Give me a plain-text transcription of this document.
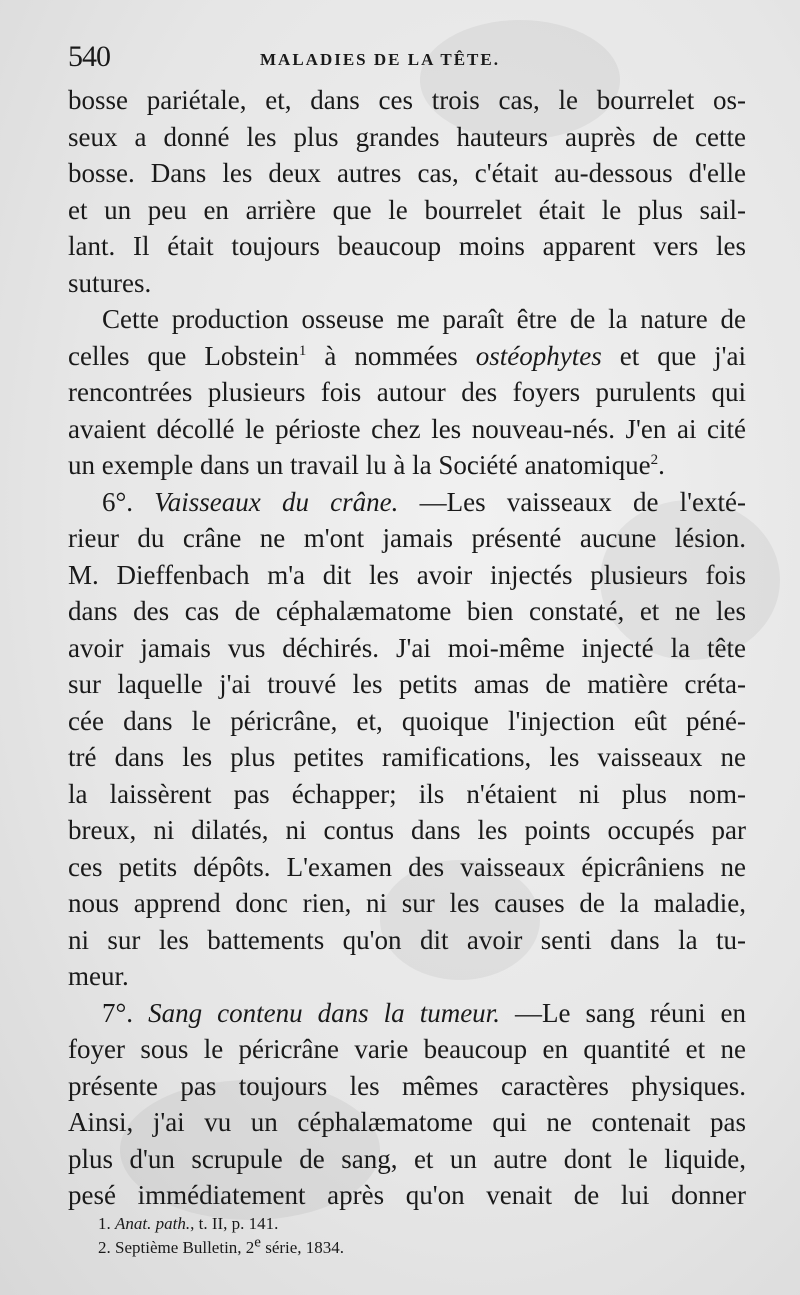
540	MALADIES DE LA TÊTE.
bosse pariétale, et, dans ces trois cas, le bourrelet os-
seux a donné les plus grandes hauteurs auprès de cette
bosse. Dans les deux autres cas, c'était au-dessous d'elle
et un peu en arrière que le bourrelet était le plus sail-
lant. Il était toujours beaucoup moins apparent vers les
sutures.
Cette production osseuse me paraît être de la nature de
celles que Lobstein$^1$ à nommées ostéophytes et que j'ai
rencontrées plusieurs fois autour des foyers purulents qui
avaient décollé le périoste chez les nouveau-nés. J'en ai cité
un exemple dans un travail lu à la Société anatomique$^2$.
6°. Vaisseaux du crâne. —Les vaisseaux de l'exté-
rieur du crâne ne m'ont jamais présenté aucune lésion.
M. Dieffenbach m'a dit les avoir injectés plusieurs fois
dans des cas de céphalæmatome bien constaté, et ne les
avoir jamais vus déchirés. J'ai moi-même injecté la tête
sur laquelle j'ai trouvé les petits amas de matière créta-
cée dans le péricrâne, et, quoique l'injection eût péné-
tré dans les plus petites ramifications, les vaisseaux ne
la laissèrent pas échapper; ils n'étaient ni plus nom-
breux, ni dilatés, ni contus dans les points occupés par
ces petits dépôts. L'examen des vaisseaux épicrâniens ne
nous apprend donc rien, ni sur les causes de la maladie,
ni sur les battements qu'on dit avoir senti dans la tu-
meur.
7°. Sang contenu dans la tumeur. —Le sang réuni en
foyer sous le péricrâne varie beaucoup en quantité et ne
présente pas toujours les mêmes caractères physiques.
Ainsi, j'ai vu un céphalæmatome qui ne contenait pas
plus d'un scrupule de sang, et un autre dont le liquide,
pesé immédiatement après qu'on venait de lui donner
1. Anat. path., t. II, p. 141.
2. Septième Bulletin, 2e série, 1834.
